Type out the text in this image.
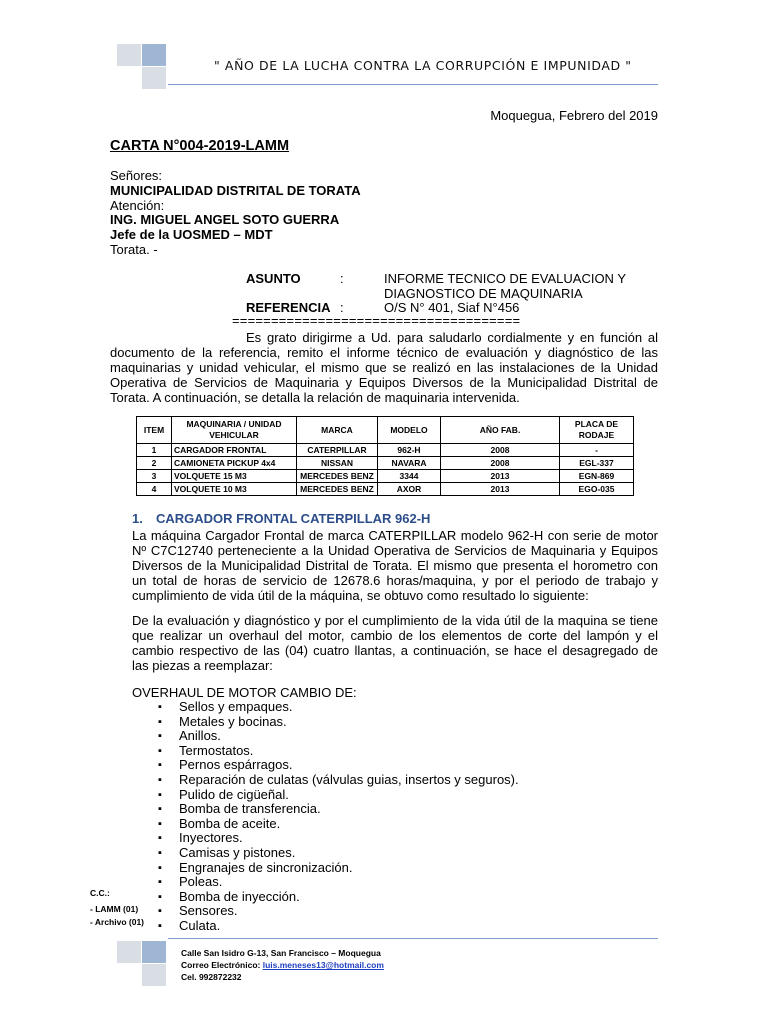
" AÑO DE LA LUCHA CONTRA LA CORRUPCIÓN E IMPUNIDAD "
Moquegua, Febrero del 2019
CARTA N°004-2019-LAMM
Señores:
MUNICIPALIDAD DISTRITAL DE TORATA
Atención:
ING. MIGUEL ANGEL SOTO GUERRA
Jefe de la UOSMED – MDT
Torata. -
ASUNTO	:	INFORME TECNICO DE EVALUACION Y DIAGNOSTICO DE MAQUINARIA
REFERENCIA :	O/S N° 401, Siaf N°456
=====================================
Es grato dirigirme a Ud. para saludarlo cordialmente y en función al documento de la referencia, remito el informe técnico de evaluación y diagnóstico de las maquinarias y unidad vehicular, el mismo que se realizó en las instalaciones de la Unidad Operativa de Servicios de Maquinaria y Equipos Diversos de la Municipalidad Distrital de Torata. A continuación, se detalla la relación de maquinaria intervenida.
ITEM	MAQUINARIA / UNIDAD VEHICULAR	MARCA	MODELO	AÑO FAB.	PLACA DE RODAJE
1	CARGADOR FRONTAL	CATERPILLAR	962-H	2008	-
2	CAMIONETA PICKUP 4x4	NISSAN	NAVARA	2008	EGL-337
3	VOLQUETE 15 M3	MERCEDES BENZ	3344	2013	EGN-869
4	VOLQUETE 10 M3	MERCEDES BENZ	AXOR	2013	EGO-035
1. CARGADOR FRONTAL CATERPILLAR 962-H
La máquina Cargador Frontal de marca CATERPILLAR modelo 962-H con serie de motor Nº C7C12740 perteneciente a la Unidad Operativa de Servicios de Maquinaria y Equipos Diversos de la Municipalidad Distrital de Torata. El mismo que presenta el horometro con un total de horas de servicio de 12678.6 horas/maquina, y por el periodo de trabajo y cumplimiento de vida útil de la máquina, se obtuvo como resultado lo siguiente:
De la evaluación y diagnóstico y por el cumplimiento de la vida útil de la maquina se tiene que realizar un overhaul del motor, cambio de los elementos de corte del lampón y el cambio respectivo de las (04) cuatro llantas, a continuación, se hace el desagregado de las piezas a reemplazar:
OVERHAUL DE MOTOR CAMBIO DE:
▪ Sellos y empaques.
▪ Metales y bocinas.
▪ Anillos.
▪ Termostatos.
▪ Pernos espárragos.
▪ Reparación de culatas (válvulas guias, insertos y seguros).
▪ Pulido de cigüeñal.
▪ Bomba de transferencia.
▪ Bomba de aceite.
▪ Inyectores.
▪ Camisas y pistones.
▪ Engranajes de sincronización.
▪ Poleas.
▪ Bomba de inyección.
▪ Sensores.
▪ Culata.
C.C.:
- LAMM (01)
- Archivo (01)
Calle San Isidro G-13, San Francisco – Moquegua
Correo Electrónico: luis.meneses13@hotmail.com
Cel. 992872232
